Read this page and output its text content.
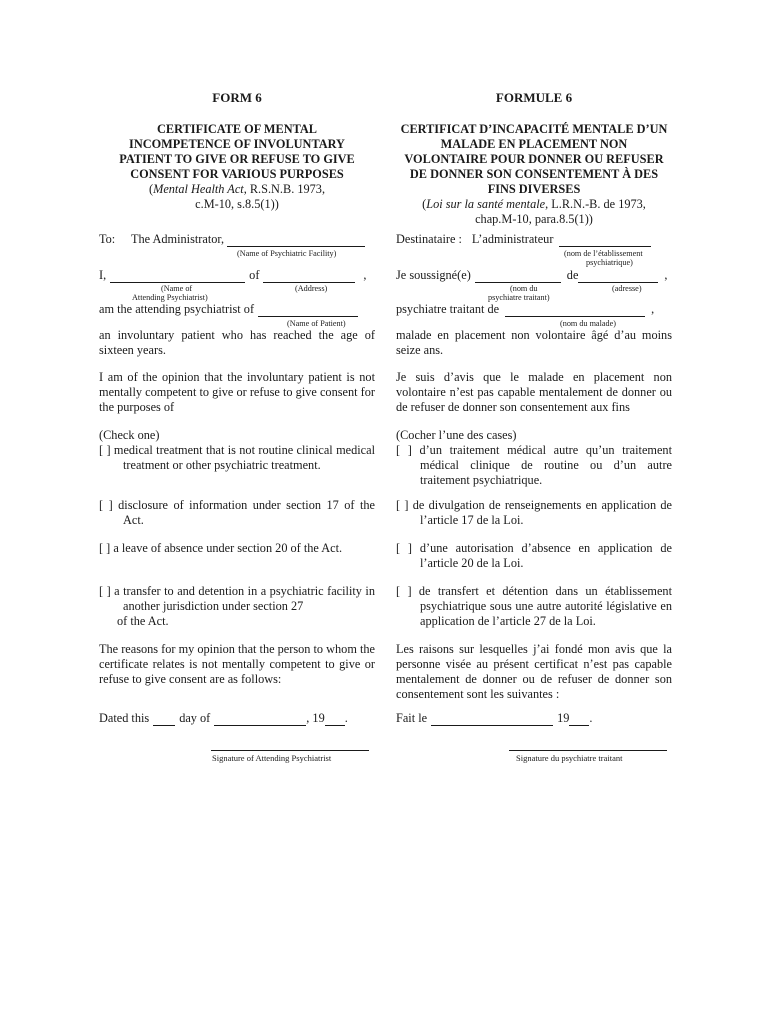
FORM 6
CERTIFICATE OF MENTAL INCOMPETENCE OF INVOLUNTARY PATIENT TO GIVE OR REFUSE TO GIVE CONSENT FOR VARIOUS PURPOSES
(Mental Health Act, R.S.N.B. 1973,
c.M-10, s.8.5(1))
To:	The Administrator,
(Name of Psychiatric Facility)
I,	of	,
(Name of
Attending Psychiatrist)
(Address)
am the attending psychiatrist of
(Name of Patient)
an involuntary patient who has reached the age of sixteen years.
I am of the opinion that the involuntary patient is not mentally competent to give or refuse to give consent for the purposes of
(Check one)
[ ] medical treatment that is not routine clinical medical treatment or other psychiatric treatment.
[ ] disclosure of information under section 17 of the Act.
[ ] a leave of absence under section 20 of the Act.
[ ] a transfer to and detention in a psychiatric facility in another jurisdiction under section 27
of the Act.
The reasons for my opinion that the person to whom the certificate relates is not mentally competent to give or refuse to give consent are as follows:
Dated this day of	, 19 .
Signature of Attending Psychiatrist
FORMULE 6
CERTIFICAT D’INCAPACITÉ MENTALE D’UN MALADE EN PLACEMENT NON VOLONTAIRE POUR DONNER OU REFUSER DE DONNER SON CONSENTEMENT À DES FINS DIVERSES
(Loi sur la santé mentale, L.R.N.-B. de 1973,
chap.M-10, para.8.5(1))
Destinataire : L’administrateur
(nom de l’établissement
psychiatrique)
Je soussigné(e)	de	,
(nom du
psychiatre traitant)
(adresse)
psychiatre traitant de	,
(nom du malade)
malade en placement non volontaire âgé d’au moins seize ans.
Je suis d’avis que le malade en placement non volontaire n’est pas capable mentalement de donner ou de refuser de donner son consentement aux fins
(Cocher l’une des cases)
[ ] d’un traitement médical autre qu’un traitement médical clinique de routine ou d’un autre traitement psychiatrique.
[ ] de divulgation de renseignements en application de l’article 17 de la Loi.
[ ] d’une autorisation d’absence en application de l’article 20 de la Loi.
[ ] de transfert et détention dans un établissement psychiatrique sous une autre autorité législative en application de l’article 27 de la Loi.
Les raisons sur lesquelles j’ai fondé mon avis que la personne visée au présent certificat n’est pas capable mentalement de donner ou de refuser de donner son consentement sont les suivantes :
Fait le	19 .
Signature du psychiatre traitant
